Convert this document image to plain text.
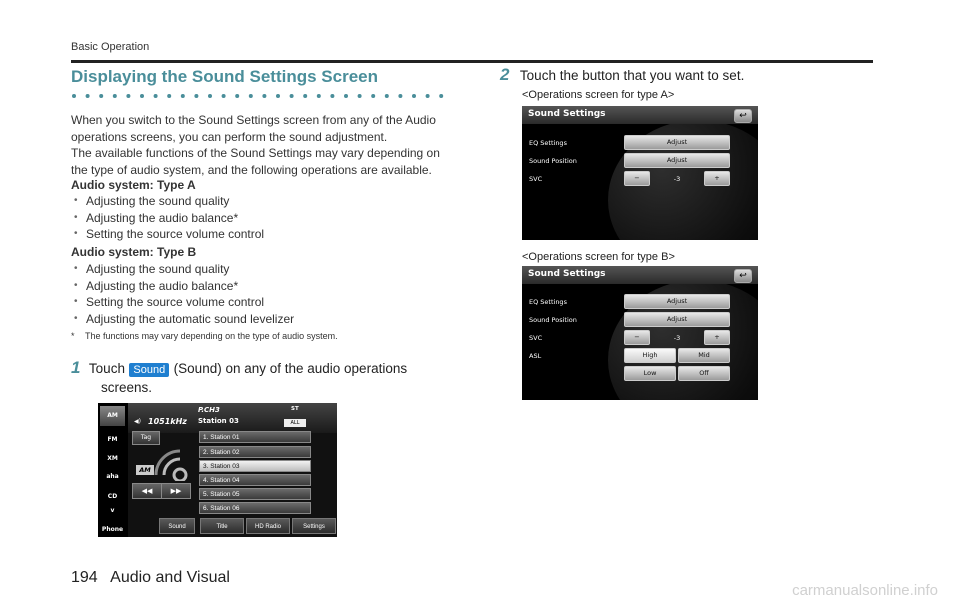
Basic Operation
Displaying the Sound Settings Screen
When you switch to the Sound Settings screen from any of the Audio operations screens, you can perform the sound adjustment.
The available functions of the Sound Settings may vary depending on the type of audio system, and the following operations are available.
Audio system: Type A
• Adjusting the sound quality
• Adjusting the audio balance*
• Setting the source volume control
Audio system: Type B
• Adjusting the sound quality
• Adjusting the audio balance*
• Setting the source volume control
• Adjusting the automatic sound levelizer
* The functions may vary depending on the type of audio system.
1 Touch Sound (Sound) on any of the audio operations
screens.
AM
FM
XM
aha
CD
v
Phone
◀) 1051kHz
P.CH3
Station 03
ST
ALL
Tag
AM
◀◀	▶▶
1. Station 01
2. Station 02
3. Station 03
4. Station 04
5. Station 05
6. Station 06
Sound	Title	HD Radio	Settings
2 Touch the button that you want to set.
<Operations screen for type A>
Sound Settings	↩
EQ Settings	Adjust
Sound Position	Adjust
SVC	−	-3	+
<Operations screen for type B>
Sound Settings	↩
EQ Settings	Adjust
Sound Position	Adjust
SVC	−	-3	+
ASL	High	Mid
Low	Off
194   Audio and Visual
carmanualsonline.info
